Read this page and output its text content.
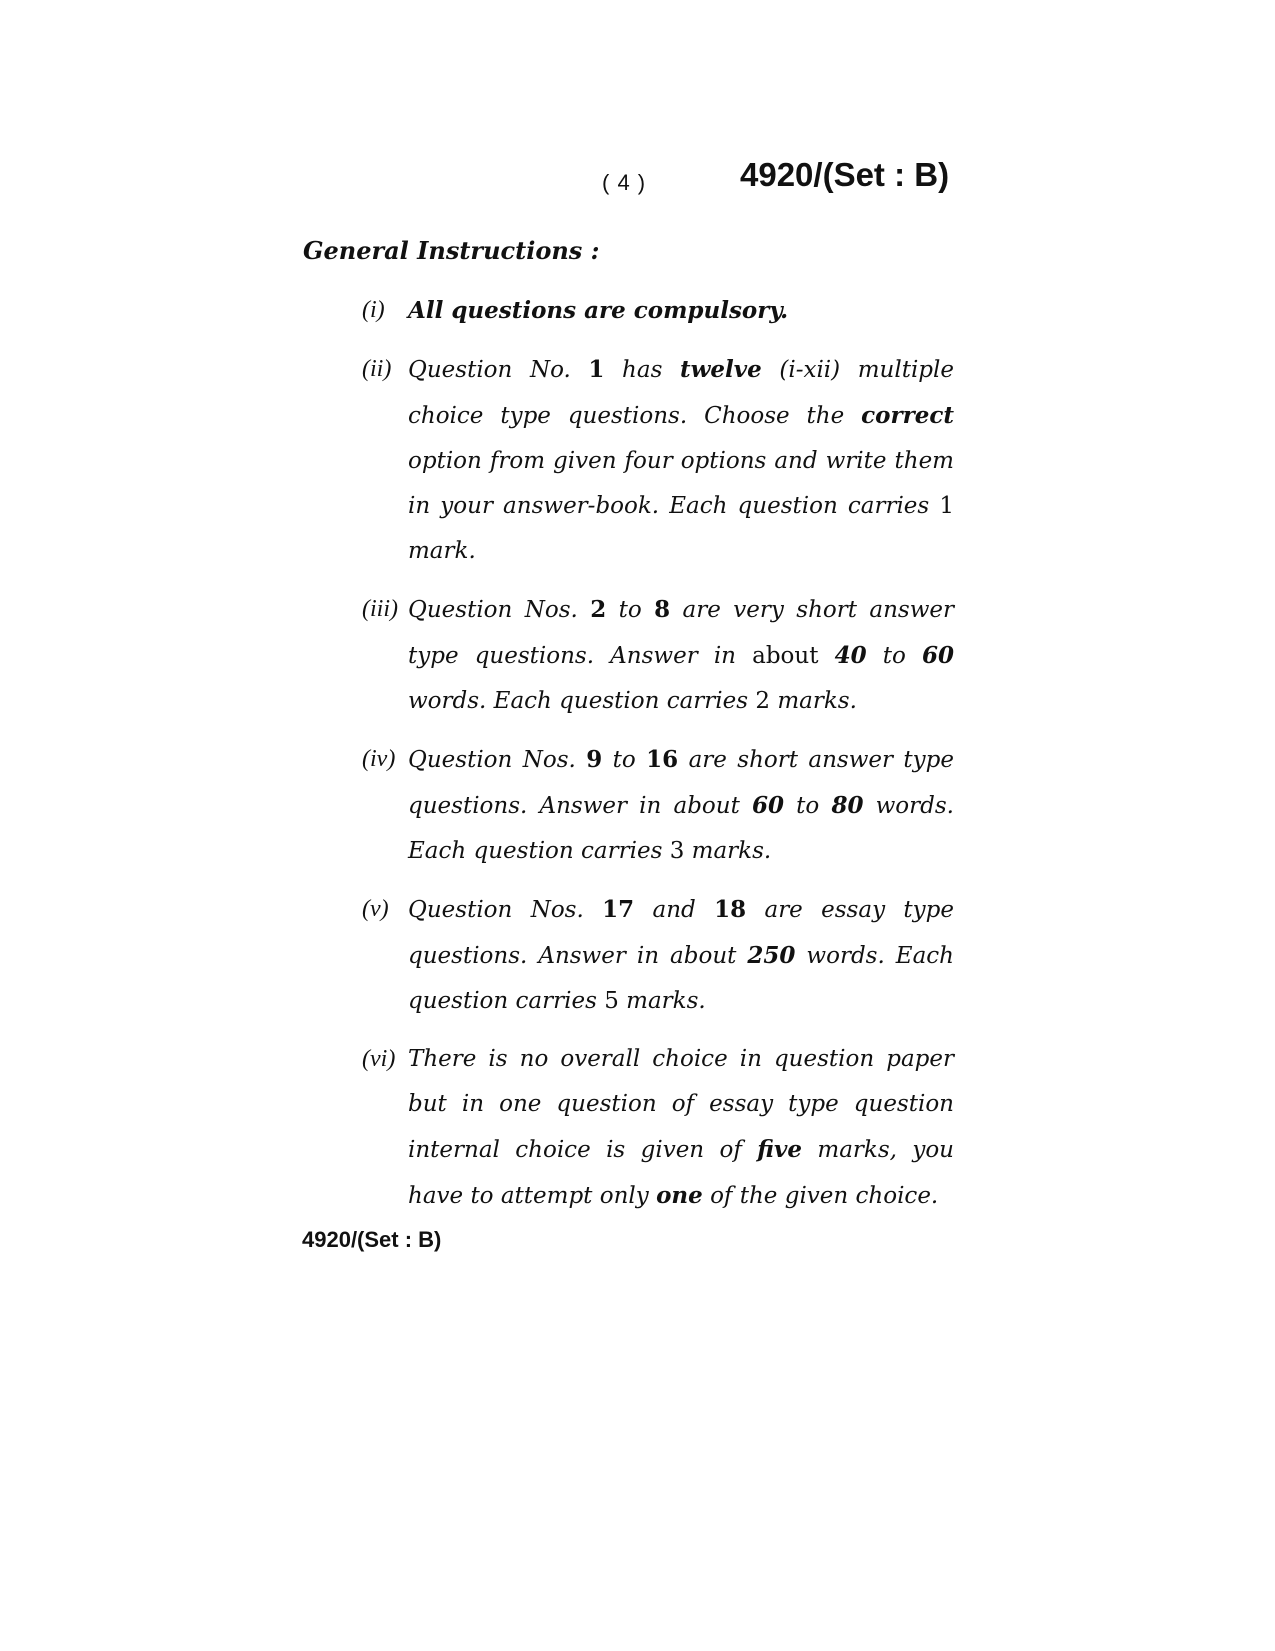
( 4 )	4920/(Set : B)
General Instructions :
(i)	All questions are compulsory.
(ii) Question No. 1 has twelve (i-xii) multiple choice type questions. Choose the correct option from given four options and write them in your answer-book. Each question carries 1 mark.
(iii) Question Nos. 2 to 8 are very short answer type questions. Answer in about 40 to 60 words. Each question carries 2 marks.
(iv) Question Nos. 9 to 16 are short answer type questions. Answer in about 60 to 80 words. Each question carries 3 marks.
(v) Question Nos. 17 and 18 are essay type questions. Answer in about 250 words. Each question carries 5 marks.
(vi) There is no overall choice in question paper but in one question of essay type question internal choice is given of five marks, you have to attempt only one of the given choice.
4920/(Set : B)
